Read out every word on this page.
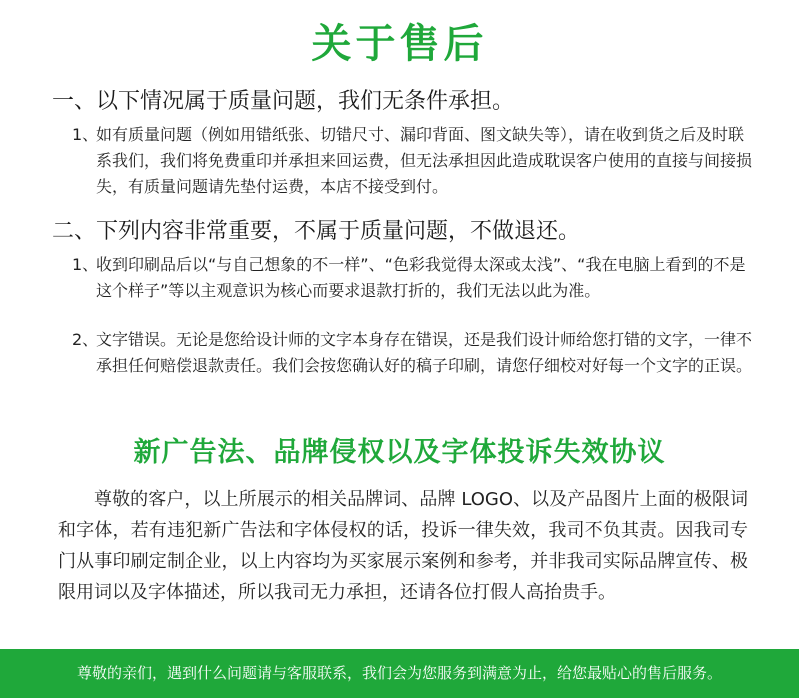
关于售后
一、以下情况属于质量问题，我们无条件承担。
1、
如有质量问题（例如用错纸张、切错尺寸、漏印背面、图文缺失等），请在收到货之后及时联系我们，我们将免费重印并承担来回运费，但无法承担因此造成耽误客户使用的直接与间接损失，有质量问题请先垫付运费，本店不接受到付。
二、下列内容非常重要，不属于质量问题，不做退还。
1、
收到印刷品后以“与自己想象的不一样”、“色彩我觉得太深或太浅”、“我在电脑上看到的不是这个样子”等以主观意识为核心而要求退款打折的，我们无法以此为准。
2、
文字错误。无论是您给设计师的文字本身存在错误，还是我们设计师给您打错的文字，一律不承担任何赔偿退款责任。我们会按您确认好的稿子印刷，请您仔细校对好每一个文字的正误。
新广告法、品牌侵权以及字体投诉失效协议
尊敬的客户，以上所展示的相关品牌词、品牌 LOGO、以及产品图片上面的极限词和字体，若有违犯新广告法和字体侵权的话，投诉一律失效，我司不负其责。因我司专门从事印刷定制企业，以上内容均为买家展示案例和参考，并非我司实际品牌宣传、极限用词以及字体描述，所以我司无力承担，还请各位打假人高抬贵手。
尊敬的亲们，遇到什么问题请与客服联系，我们会为您服务到满意为止，给您最贴心的售后服务。
